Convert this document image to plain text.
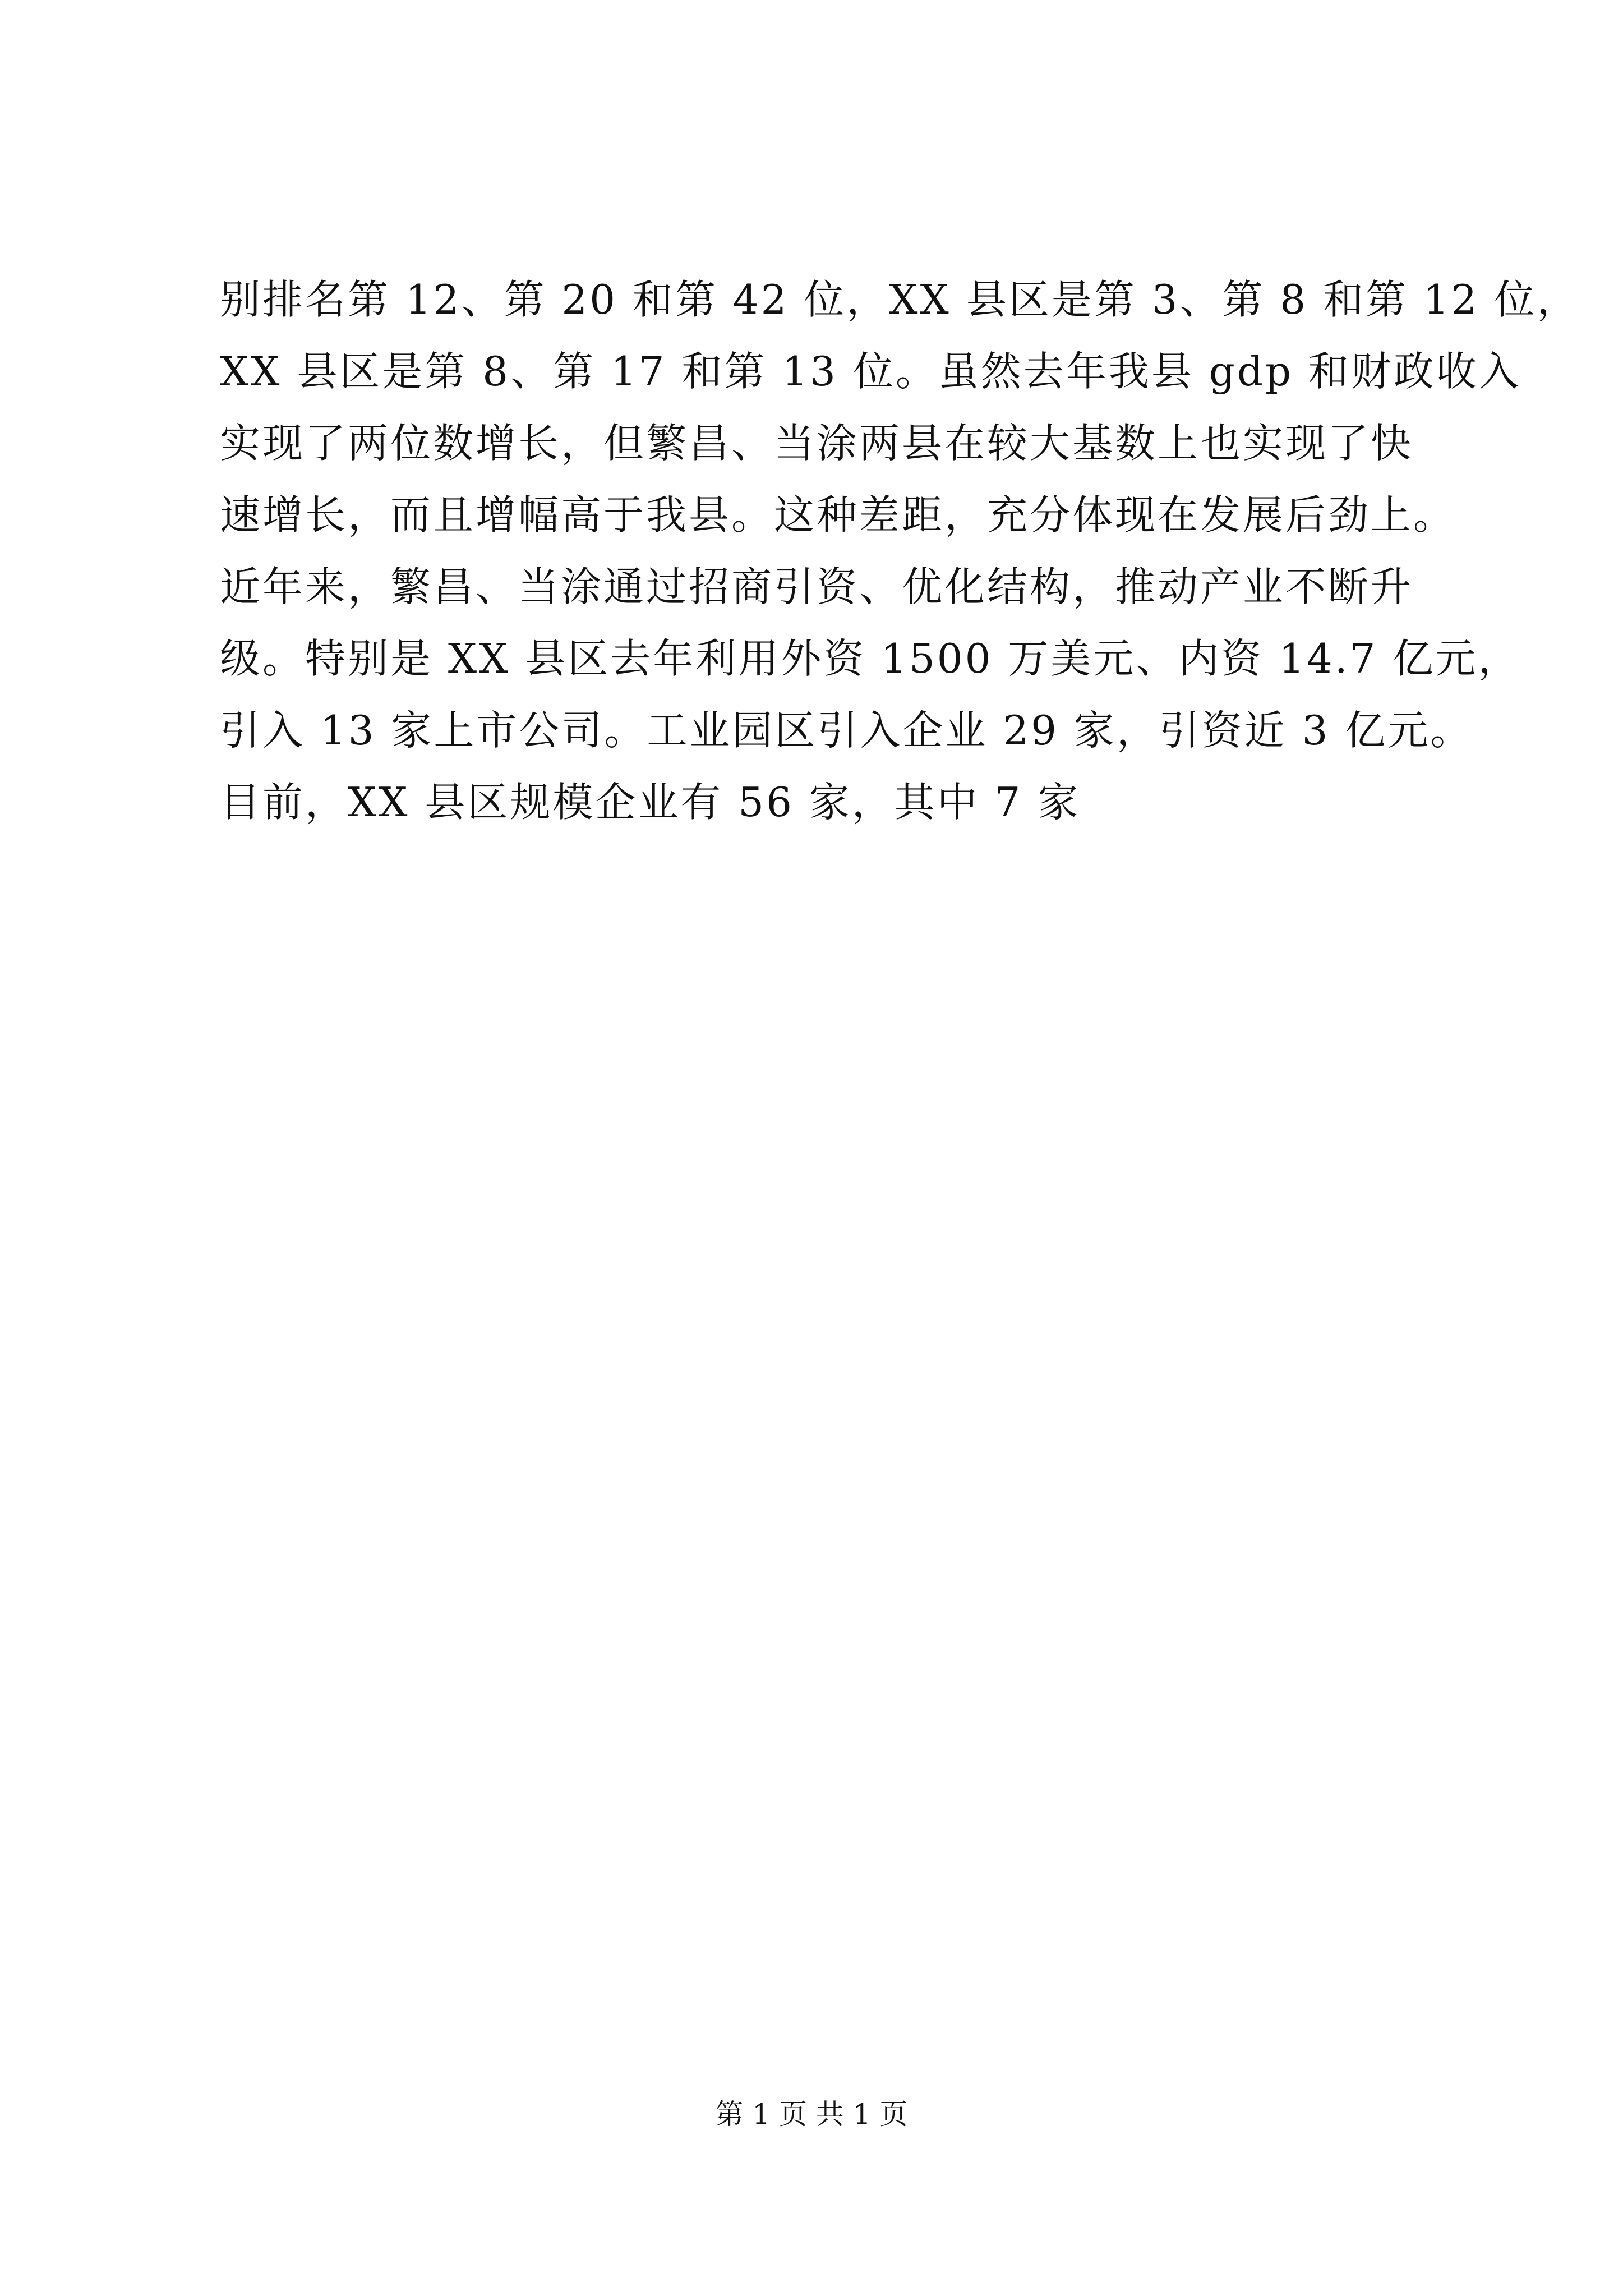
别排名第 12、第 20 和第 42 位，XX 县区是第 3、第 8 和第 12 位，
XX 县区是第 8、第 17 和第 13 位。虽然去年我县 gdp 和财政收入
实现了两位数增长，但繁昌、当涂两县在较大基数上也实现了快
速增长，而且增幅高于我县。这种差距，充分体现在发展后劲上。
近年来，繁昌、当涂通过招商引资、优化结构，推动产业不断升
级。特别是 XX 县区去年利用外资 1500 万美元、内资 14.7 亿元，
引入 13 家上市公司。工业园区引入企业 29 家，引资近 3 亿元。
目前，XX 县区规模企业有 56 家，其中 7 家
第 1 页 共 1 页
